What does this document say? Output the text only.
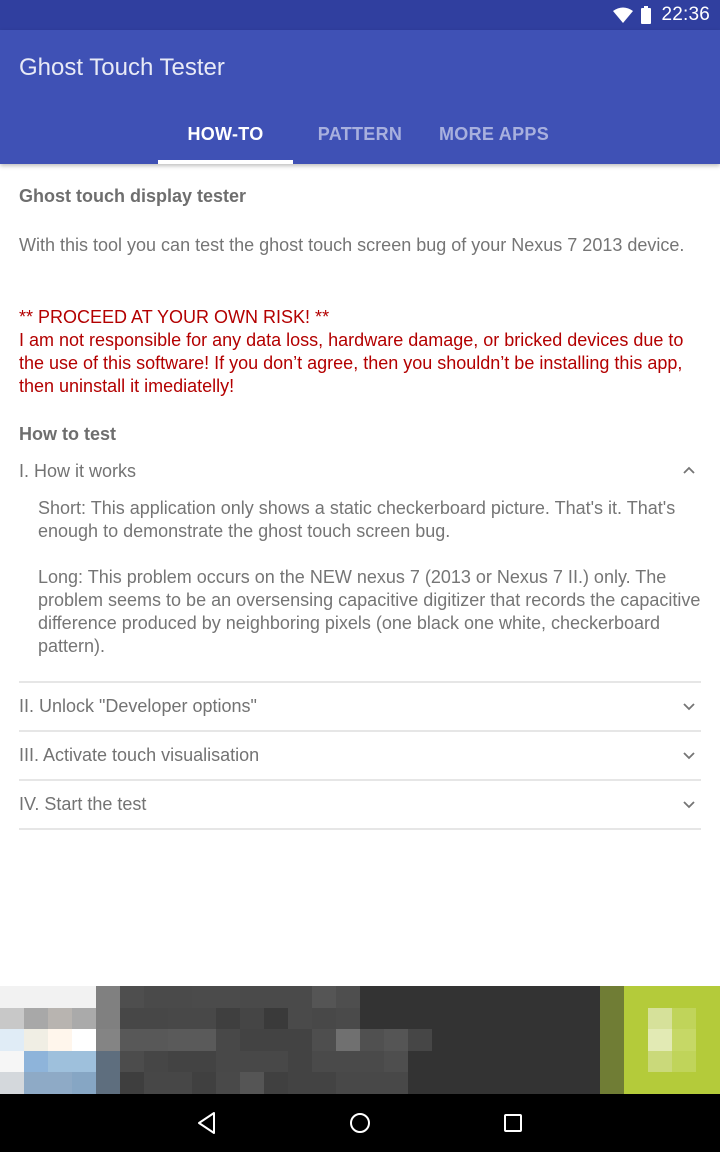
22:36
Ghost Touch Tester
HOW-TO	PATTERN	MORE APPS
Ghost touch display tester
With this tool you can test the ghost touch screen bug of your Nexus 7 2013 device.
** PROCEED AT YOUR OWN RISK! **
I am not responsible for any data loss, hardware damage, or bricked devices due to the use of this software! If you don’t agree, then you shouldn’t be installing this app, then uninstall it imediatelly!
How to test
I. How it works

Short: This application only shows a static checkerboard picture. That's it. That's enough to demonstrate the ghost touch screen bug.

Long: This problem occurs on the NEW nexus 7 (2013 or Nexus 7 II.) only. The problem seems to be an oversensing capacitive digitizer that records the capacitive difference produced by neighboring pixels (one black one white, checkerboard pattern).

II. Unlock "Developer options"
III. Activate touch visualisation
IV. Start the test
